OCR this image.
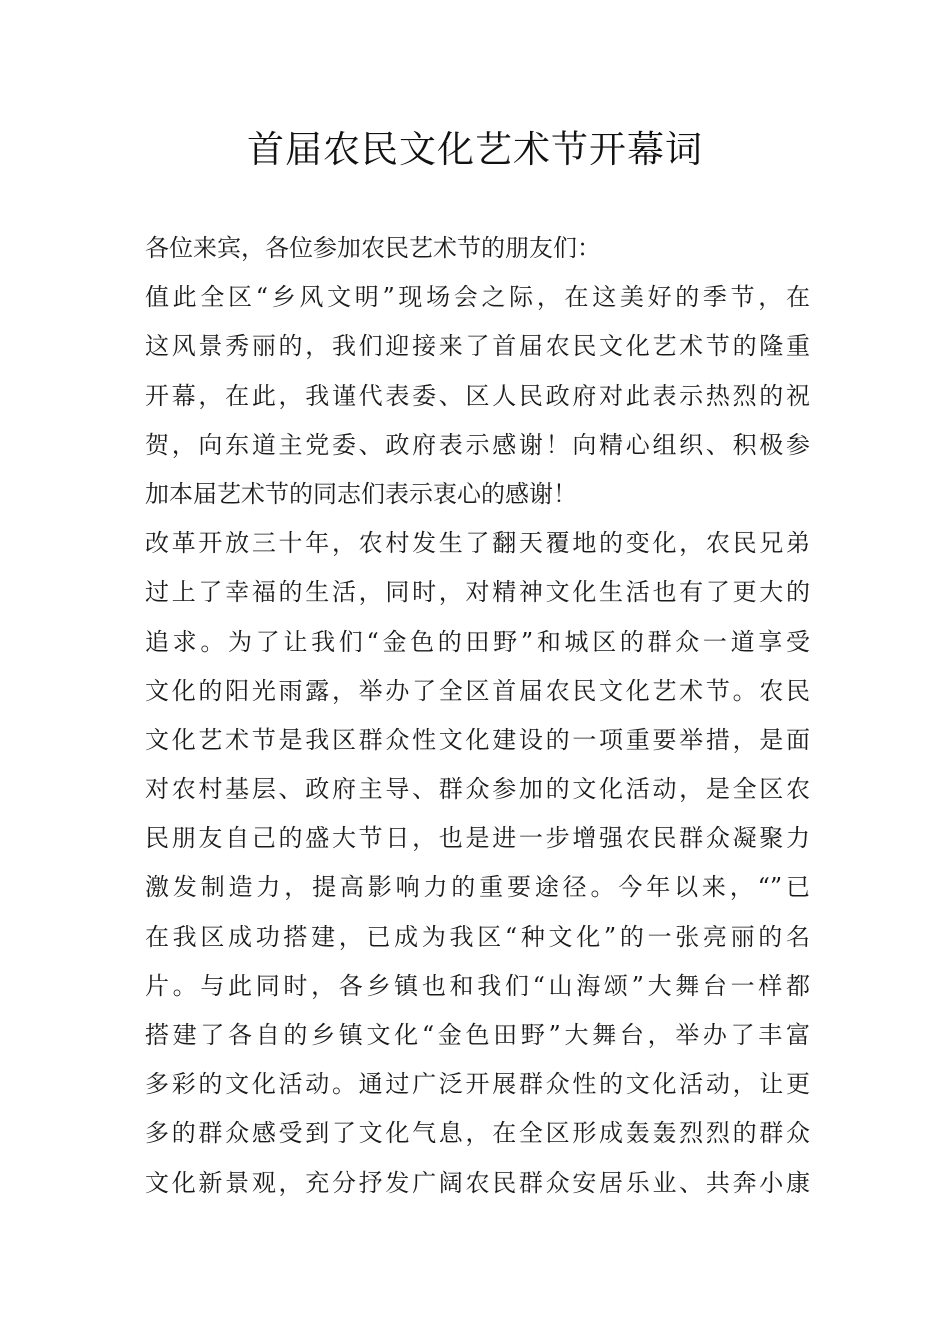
首届农民文化艺术节开幕词
各位来宾，各位参加农民艺术节的朋友们：
值此全区“乡风文明”现场会之际，在这美好的季节，在
这风景秀丽的，我们迎接来了首届农民文化艺术节的隆重
开幕，在此，我谨代表委、区人民政府对此表示热烈的祝
贺，向东道主党委、政府表示感谢！向精心组织、积极参
加本届艺术节的同志们表示衷心的感谢！
改革开放三十年，农村发生了翻天覆地的变化，农民兄弟
过上了幸福的生活，同时，对精神文化生活也有了更大的
追求。为了让我们“金色的田野”和城区的群众一道享受
文化的阳光雨露，举办了全区首届农民文化艺术节。农民
文化艺术节是我区群众性文化建设的一项重要举措，是面
对农村基层、政府主导、群众参加的文化活动，是全区农
民朋友自己的盛大节日，也是进一步增强农民群众凝聚力
激发制造力，提高影响力的重要途径。今年以来，“”已
在我区成功搭建，已成为我区“种文化”的一张亮丽的名
片。与此同时，各乡镇也和我们“山海颂”大舞台一样都
搭建了各自的乡镇文化“金色田野”大舞台，举办了丰富
多彩的文化活动。通过广泛开展群众性的文化活动，让更
多的群众感受到了文化气息，在全区形成轰轰烈烈的群众
文化新景观，充分抒发广阔农民群众安居乐业、共奔小康
